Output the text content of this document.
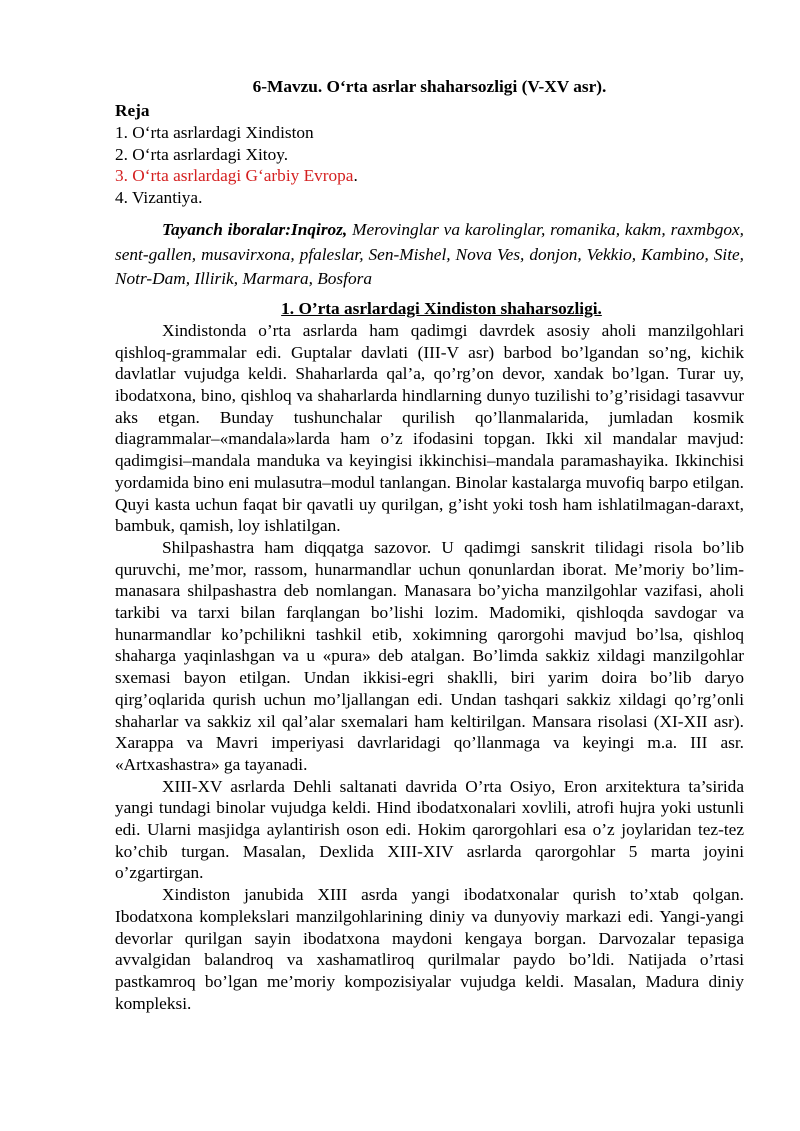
6-Mavzu. O‘rta asrlar shaharsozligi (V-XV asr).
Reja
1. O‘rta asrlardagi Xindiston
2. O‘rta asrlardagi Xitoy.
3. O‘rta asrlardagi G‘arbiy Evropa.
4. Vizantiya.

Tayanch iboralar:Inqiroz, Merovinglar va karolinglar, romanika, kakm, raxmbgox, sent-gallen, musavirxona, pfaleslar, Sen-Mishel, Nova Ves, donjon, Vekkio, Kambino, Site, Notr-Dam, Illirik, Marmara, Bosfora

1. O’rta asrlardagi Xindiston shaharsozligi.

Xindistonda o’rta asrlarda ham qadimgi davrdek asosiy aholi manzilgohlari qishloq-grammalar edi. Guptalar davlati (III-V asr) barbod bo’lgandan so’ng, kichik davlatlar vujudga keldi. Shaharlarda qal’a, qo’rg’on devor, xandak bo’lgan. Turar uy, ibodatxona, bino, qishloq va shaharlarda hindlarning dunyo tuzilishi to’g’risidagi tasavvur aks etgan. Bunday tushunchalar qurilish qo’llanmalarida, jumladan kosmik diagrammalar–«mandala»larda ham o’z ifodasini topgan. Ikki xil mandalar mavjud: qadimgisi–mandala manduka va keyingisi ikkinchisi–mandala paramashayika. Ikkinchisi yordamida bino eni mulasutra–modul tanlangan. Binolar kastalarga muvofiq barpo etilgan. Quyi kasta uchun faqat bir qavatli uy qurilgan, g’isht yoki tosh ham ishlatilmagan-daraxt, bambuk, qamish, loy ishlatilgan.

Shilpashastra ham diqqatga sazovor. U qadimgi sanskrit tilidagi risola bo’lib quruvchi, me’mor, rassom, hunarmandlar uchun qonunlardan iborat. Me’moriy bo’lim-manasara shilpashastra deb nomlangan. Manasara bo’yicha manzilgohlar vazifasi, aholi tarkibi va tarxi bilan farqlangan bo’lishi lozim. Madomiki, qishloqda savdogar va hunarmandlar ko’pchilikni tashkil etib, xokimning qarorgohi mavjud bo’lsa, qishloq shaharga yaqinlashgan va u «pura» deb atalgan. Bo’limda sakkiz xildagi manzilgohlar sxemasi bayon etilgan. Undan ikkisi-egri shaklli, biri yarim doira bo’lib daryo qirg’oqlarida qurish uchun mo’ljallangan edi. Undan tashqari sakkiz xildagi qo’rg’onli shaharlar va sakkiz xil qal’alar sxemalari ham keltirilgan. Mansara risolasi (XI-XII asr). Xarappa va Mavri imperiyasi davrlaridagi qo’llanmaga va keyingi m.a. III asr. «Artxashastra» ga tayanadi.

XIII-XV asrlarda Dehli saltanati davrida O’rta Osiyo, Eron arxitektura ta’sirida yangi tundagi binolar vujudga keldi. Hind ibodatxonalari xovlili, atrofi hujra yoki ustunli edi. Ularni masjidga aylantirish oson edi. Hokim qarorgohlari esa o’z joylaridan tez-tez ko’chib turgan. Masalan, Dexlida XIII-XIV asrlarda qarorgohlar 5 marta joyini o’zgartirgan.

Xindiston janubida XIII asrda yangi ibodatxonalar qurish to’xtab qolgan. Ibodatxona komplekslari manzilgohlarining diniy va dunyoviy markazi edi. Yangi-yangi devorlar qurilgan sayin ibodatxona maydoni kengaya borgan. Darvozalar tepasiga avvalgidan balandroq va xashamatliroq qurilmalar paydo bo’ldi. Natijada o’rtasi pastkamroq bo’lgan me’moriy kompozisiyalar vujudga keldi. Masalan, Madura diniy kompleksi.
